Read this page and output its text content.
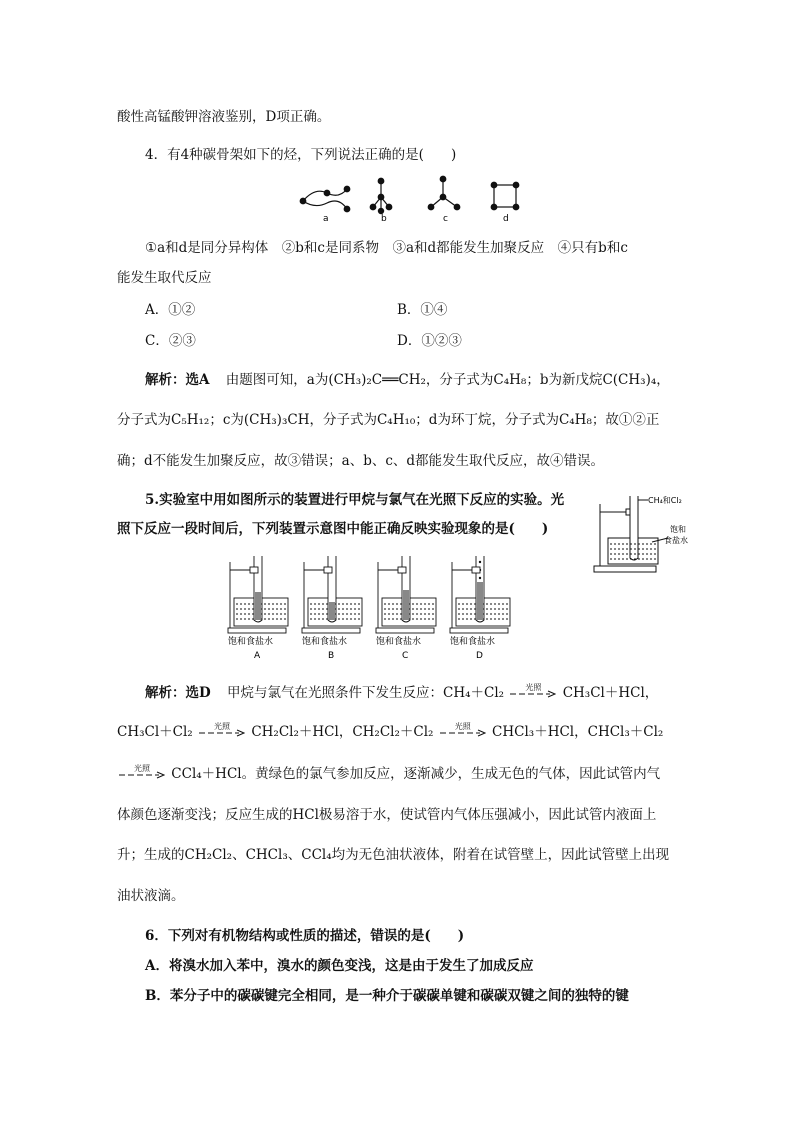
酸性高锰酸钾溶液鉴别，D项正确。
4．有4种碳骨架如下的烃，下列说法正确的是(　　)
a	b	c	d
①a和d是同分异构体　②b和c是同系物　③a和d都能发生加聚反应　④只有b和c
能发生取代反应
A．①②	B．①④
C．②③	D．①②③
解析：选A 由题图可知，a为(CH₃)₂C══CH₂，分子式为C₄H₈；b为新戊烷C(CH₃)₄，
分子式为C₅H₁₂；c为(CH₃)₃CH，分子式为C₄H₁₀；d为环丁烷，分子式为C₄H₈；故①②正
确；d不能发生加聚反应，故③错误；a、b、c、d都能发生取代反应，故④错误。
5.实验室中用如图所示的装置进行甲烷与氯气在光照下反应的实验。光
照下反应一段时间后，下列装置示意图中能正确反映实验现象的是(　　)
CH₄和Cl₂
饱和
食盐水
饱和食盐水
A
饱和食盐水
B
饱和食盐水
C
饱和食盐水
D
解析：选D 甲烷与氯气在光照条件下发生反应：CH₄＋Cl₂	光照	CH₃Cl＋HCl，
CH₃Cl＋Cl₂	光照	CH₂Cl₂＋HCl，CH₂Cl₂＋Cl₂	光照	CHCl₃＋HCl，CHCl₃＋Cl₂
光照	CCl₄＋HCl。黄绿色的氯气参加反应，逐渐减少，生成无色的气体，因此试管内气
体颜色逐渐变浅；反应生成的HCl极易溶于水，使试管内气体压强减小，因此试管内液面上
升；生成的CH₂Cl₂、CHCl₃、CCl₄均为无色油状液体，附着在试管壁上，因此试管壁上出现
油状液滴。
6．下列对有机物结构或性质的描述，错误的是(　　)
A．将溴水加入苯中，溴水的颜色变浅，这是由于发生了加成反应
B．苯分子中的碳碳键完全相同，是一种介于碳碳单键和碳碳双键之间的独特的键
